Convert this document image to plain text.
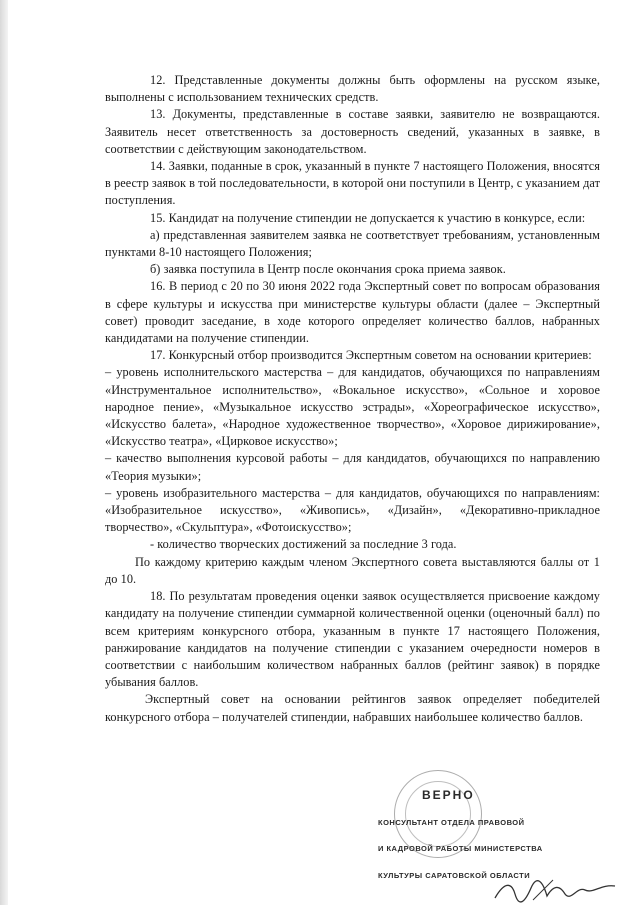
12. Представленные документы должны быть оформлены на русском языке, выполнены с использованием технических средств.

13. Документы, представленные в составе заявки, заявителю не возвращаются. Заявитель несет ответственность за достоверность сведений, указанных в заявке, в соответствии с действующим законодательством.

14. Заявки, поданные в срок, указанный в пункте 7 настоящего Положения, вносятся в реестр заявок в той последовательности, в которой они поступили в Центр, с указанием дат поступления.

15. Кандидат на получение стипендии не допускается к участию в конкурсе, если:

а) представленная заявителем заявка не соответствует требованиям, установленным пунктами 8-10 настоящего Положения;

б) заявка поступила в Центр после окончания срока приема заявок.

16. В период с 20 по 30 июня 2022 года Экспертный совет по вопросам образования в сфере культуры и искусства при министерстве культуры области (далее – Экспертный совет) проводит заседание, в ходе которого определяет количество баллов, набранных кандидатами на получение стипендии.

17. Конкурсный отбор производится Экспертным советом на основании критериев:

– уровень исполнительского мастерства – для кандидатов, обучающихся по направлениям «Инструментальное исполнительство», «Вокальное искусство», «Сольное и хоровое народное пение», «Музыкальное искусство эстрады», «Хореографическое искусство», «Искусство балета», «Народное художественное творчество», «Хоровое дирижирование», «Искусство театра», «Цирковое искусство»;

– качество выполнения курсовой работы – для кандидатов, обучающихся по направлению «Теория музыки»;

– уровень изобразительного мастерства – для кандидатов, обучающихся по направлениям: «Изобразительное искусство», «Живопись», «Дизайн», «Декоративно-прикладное творчество», «Скульптура», «Фотоискусство»;

- количество творческих достижений за последние 3 года.

По каждому критерию каждым членом Экспертного совета выставляются баллы от 1 до 10.

18. По результатам проведения оценки заявок осуществляется присвоение каждому кандидату на получение стипендии суммарной количественной оценки (оценочный балл) по всем критериям конкурсного отбора, указанным в пункте 17 настоящего Положения, ранжирование кандидатов на получение стипендии с указанием очередности номеров в соответствии с наибольшим количеством набранных баллов (рейтинг заявок) в порядке убывания баллов.

Экспертный совет на основании рейтингов заявок определяет победителей конкурсного отбора – получателей стипендии, набравших наибольшее количество баллов.

ВЕРНО
КОНСУЛЬТАНТ ОТДЕЛА ПРАВОВОЙ
И КАДРОВОЙ РАБОТЫ МИНИСТЕРСТВА
КУЛЬТУРЫ САРАТОВСКОЙ ОБЛАСТИ
